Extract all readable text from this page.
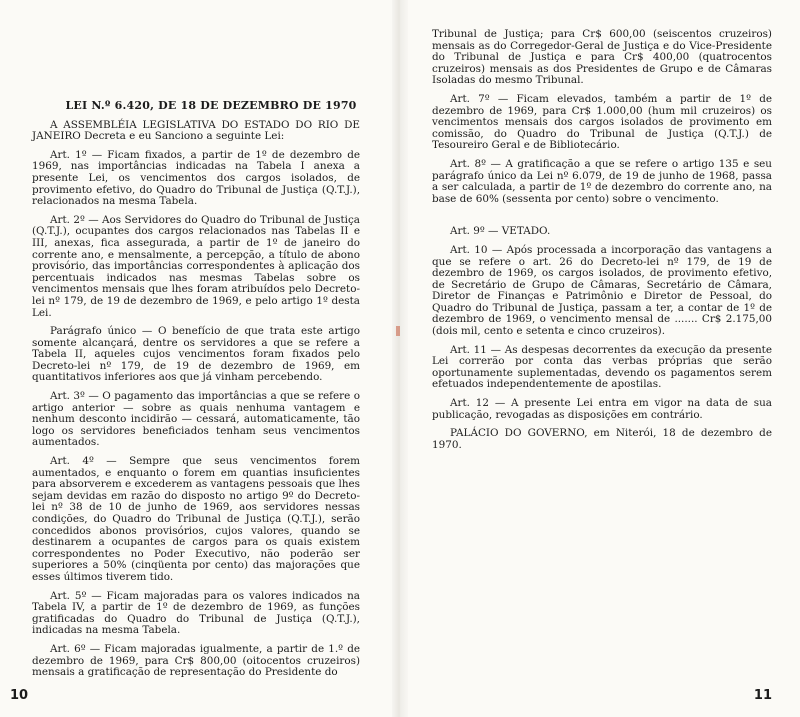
LEI N.º 6.420, DE 18 DE DEZEMBRO DE 1970

A ASSEMBLÉIA LEGISLATIVA DO ESTADO DO RIO DE JANEIRO Decreta e eu Sanciono a seguinte Lei:

Art. 1º — Ficam fixados, a partir de 1º de dezembro de 1969, nas importâncias indicadas na Tabela I anexa a presente Lei, os vencimentos dos cargos isolados, de provimento efetivo, do Quadro do Tribunal de Justiça (Q.T.J.), relacionados na mesma Tabela.

Art. 2º — Aos Servidores do Quadro do Tribunal de Justiça (Q.T.J.), ocupantes dos cargos relacionados nas Tabelas II e III, anexas, fica assegurada, a partir de 1º de janeiro do corrente ano, e mensalmente, a percepção, a título de abono provisório, das importâncias correspondentes à aplicação dos percentuais indicados nas mesmas Tabelas sobre os vencimentos mensais que lhes foram atribuídos pelo Decreto-lei nº 179, de 19 de dezembro de 1969, e pelo artigo 1º desta Lei.

Parágrafo único — O benefício de que trata este artigo somente alcançará, dentre os servidores a que se refere a Tabela II, aqueles cujos vencimentos foram fixados pelo Decreto-lei nº 179, de 19 de dezembro de 1969, em quantitativos inferiores aos que já vinham percebendo.

Art. 3º — O pagamento das importâncias a que se refere o artigo anterior — sobre as quais nenhuma vantagem e nenhum desconto incidirão — cessará, automaticamente, tão logo os servidores beneficiados tenham seus vencimentos aumentados.

Art. 4º — Sempre que seus vencimentos forem aumentados, e enquanto o forem em quantias insuficientes para absorverem e excederem as vantagens pessoais que lhes sejam devidas em razão do disposto no artigo 9º do Decreto-lei nº 38 de 10 de junho de 1969, aos servidores nessas condições, do Quadro do Tribunal de Justiça (Q.T.J.), serão concedidos abonos provisórios, cujos valores, quando se destinarem a ocupantes de cargos para os quais existem correspondentes no Poder Executivo, não poderão ser superiores a 50% (cinqüenta por cento) das majorações que esses últimos tiverem tido.

Art. 5º — Ficam majoradas para os valores indicados na Tabela IV, a partir de 1º de dezembro de 1969, as funções gratificadas do Quadro do Tribunal de Justiça (Q.T.J.), indicadas na mesma Tabela.

Art. 6º — Ficam majoradas igualmente, a partir de 1.º de dezembro de 1969, para Cr$ 800,00 (oitocentos cruzeiros) mensais a gratificação de representação do Presidente do

10

Tribunal de Justiça; para Cr$ 600,00 (seiscentos cruzeiros) mensais as do Corregedor-Geral de Justiça e do Vice-Presidente do Tribunal de Justiça e para Cr$ 400,00 (quatrocentos cruzeiros) mensais as dos Presidentes de Grupo e de Câmaras Isoladas do mesmo Tribunal.

Art. 7º — Ficam elevados, também a partir de 1º de dezembro de 1969, para Cr$ 1.000,00 (hum mil cruzeiros) os vencimentos mensais dos cargos isolados de provimento em comissão, do Quadro do Tribunal de Justiça (Q.T.J.) de Tesoureiro Geral e de Bibliotecário.

Art. 8º — A gratificação a que se refere o artigo 135 e seu parágrafo único da Lei nº 6.079, de 19 de junho de 1968, passa a ser calculada, a partir de 1º de dezembro do corrente ano, na base de 60% (sessenta por cento) sobre o vencimento.

Art. 9º — VETADO.

Art. 10 — Após processada a incorporação das vantagens a que se refere o art. 26 do Decreto-lei nº 179, de 19 de dezembro de 1969, os cargos isolados, de provimento efetivo, de Secretário de Grupo de Câmaras, Secretário de Câmara, Diretor de Finanças e Patrimônio e Diretor de Pessoal, do Quadro do Tribunal de Justiça, passam a ter, a contar de 1º de dezembro de 1969, o vencimento mensal de ....... Cr$ 2.175,00 (dois mil, cento e setenta e cinco cruzeiros).

Art. 11 — As despesas decorrentes da execução da presente Lei correrão por conta das verbas próprias que serão oportunamente suplementadas, devendo os pagamentos serem efetuados independentemente de apostilas.

Art. 12 — A presente Lei entra em vigor na data de sua publicação, revogadas as disposições em contrário.

PALÁCIO DO GOVERNO, em Niterói, 18 de dezembro de 1970.

11
